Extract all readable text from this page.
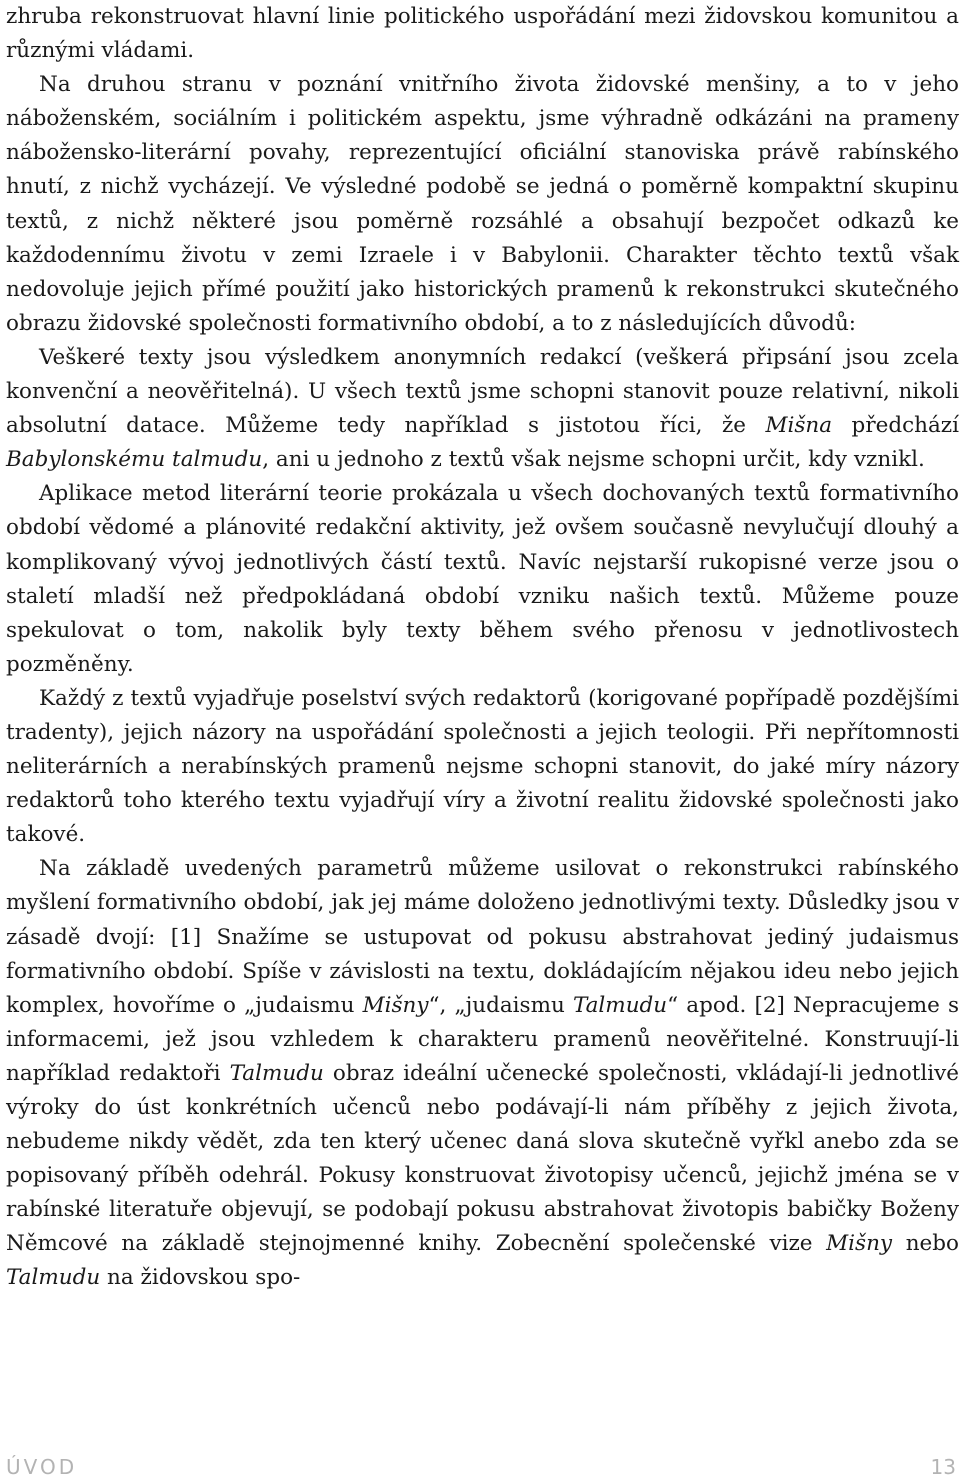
zhruba rekonstruovat hlavní linie politického uspořádání mezi židovskou komunitou a různými vládami.

Na druhou stranu v poznání vnitřního života židovské menšiny, a to v jeho náboženském, sociálním i politickém aspektu, jsme výhradně odkázáni na prameny nábožensko-literární povahy, reprezentující oficiální stanoviska právě rabínského hnutí, z nichž vycházejí. Ve výsledné podobě se jedná o poměrně kompaktní skupinu textů, z nichž některé jsou poměrně rozsáhlé a obsahují bezpočet odkazů ke každodennímu životu v zemi Izraele i v Babylonii. Charakter těchto textů však nedovoluje jejich přímé použití jako historických pramenů k rekonstrukci skutečného obrazu židovské společnosti formativního období, a to z následujících důvodů:

Veškeré texty jsou výsledkem anonymních redakcí (veškerá připsání jsou zcela konvenční a neověřitelná). U všech textů jsme schopni stanovit pouze relativní, nikoli absolutní datace. Můžeme tedy například s jistotou říci, že Mišna předchází Babylonskému talmudu, ani u jednoho z textů však nejsme schopni určit, kdy vznikl.

Aplikace metod literární teorie prokázala u všech dochovaných textů formativního období vědomé a plánovité redakční aktivity, jež ovšem současně nevylučují dlouhý a komplikovaný vývoj jednotlivých částí textů. Navíc nejstarší rukopisné verze jsou o staletí mladší než předpokládaná období vzniku našich textů. Můžeme pouze spekulovat o tom, nakolik byly texty během svého přenosu v jednotlivostech pozměněny.

Každý z textů vyjadřuje poselství svých redaktorů (korigované popřípadě pozdějšími tradenty), jejich názory na uspořádání společnosti a jejich teologii. Při nepřítomnosti neliterárních a nerabínských pramenů nejsme schopni stanovit, do jaké míry názory redaktorů toho kterého textu vyjadřují víry a životní realitu židovské společnosti jako takové.

Na základě uvedených parametrů můžeme usilovat o rekonstrukci rabínského myšlení formativního období, jak jej máme doloženo jednotlivými texty. Důsledky jsou v zásadě dvojí: [1] Snažíme se ustupovat od pokusu abstrahovat jediný judaismus formativního období. Spíše v závislosti na textu, dokládajícím nějakou ideu nebo jejich komplex, hovoříme o „judaismu Mišny“, „judaismu Talmudu“ apod. [2] Nepracujeme s informacemi, jež jsou vzhledem k charakteru pramenů neověřitelné. Konstruují-li například redaktoři Talmudu obraz ideální učenecké společnosti, vkládají-li jednotlivé výroky do úst konkrétních učenců nebo podávají-li nám příběhy z jejich života, nebudeme nikdy vědět, zda ten který učenec daná slova skutečně vyřkl anebo zda se popisovaný příběh odehrál. Pokusy konstruovat životopisy učenců, jejichž jména se v rabínské literatuře objevují, se podobají pokusu abstrahovat životopis babičky Boženy Němcové na základě stejnojmenné knihy. Zobecnění společenské vize Mišny nebo Talmudu na židovskou spo-

ÚVOD	13
